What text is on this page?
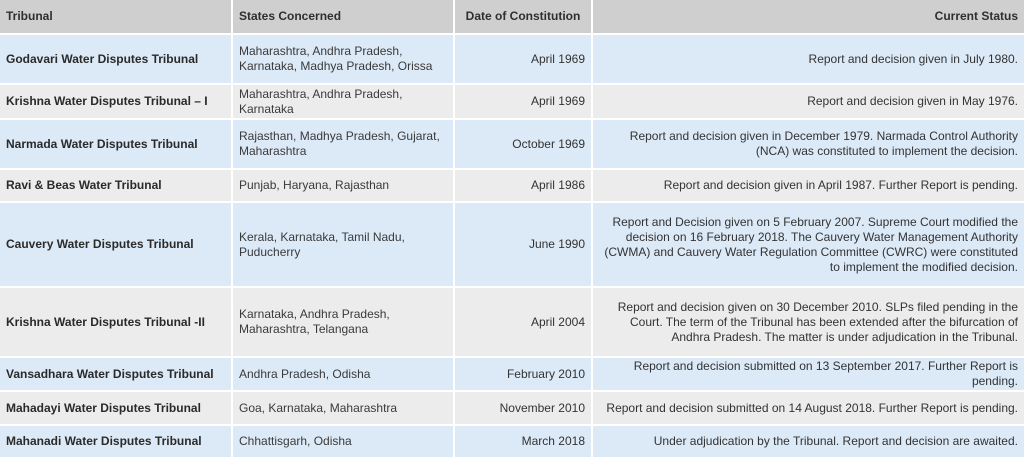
Tribunal	States Concerned	Date of Constitution	Current Status
Godavari Water Disputes Tribunal	Maharashtra, Andhra Pradesh, Karnataka, Madhya Pradesh, Orissa	April 1969	Report and decision given in July 1980.
Krishna Water Disputes Tribunal – I	Maharashtra, Andhra Pradesh, Karnataka	April 1969	Report and decision given in May 1976.
Narmada Water Disputes Tribunal	Rajasthan, Madhya Pradesh, Gujarat, Maharashtra	October 1969	Report and decision given in December 1979. Narmada Control Authority (NCA) was constituted to implement the decision.
Ravi & Beas Water Tribunal	Punjab, Haryana, Rajasthan	April 1986	Report and decision given in April 1987. Further Report is pending.
Cauvery Water Disputes Tribunal	Kerala, Karnataka, Tamil Nadu, Puducherry	June 1990	Report and Decision given on 5 February 2007. Supreme Court modified the decision on 16 February 2018. The Cauvery Water Management Authority (CWMA) and Cauvery Water Regulation Committee (CWRC) were constituted to implement the modified decision.
Krishna Water Disputes Tribunal -II	Karnataka, Andhra Pradesh, Maharashtra, Telangana	April 2004	Report and decision given on 30 December 2010. SLPs filed pending in the Court. The term of the Tribunal has been extended after the bifurcation of Andhra Pradesh. The matter is under adjudication in the Tribunal.
Vansadhara Water Disputes Tribunal	Andhra Pradesh, Odisha	February 2010	Report and decision submitted on 13 September 2017. Further Report is pending.
Mahadayi Water Disputes Tribunal	Goa, Karnataka, Maharashtra	November 2010	Report and decision submitted on 14 August 2018. Further Report is pending.
Mahanadi Water Disputes Tribunal	Chhattisgarh, Odisha	March 2018	Under adjudication by the Tribunal. Report and decision are awaited.
